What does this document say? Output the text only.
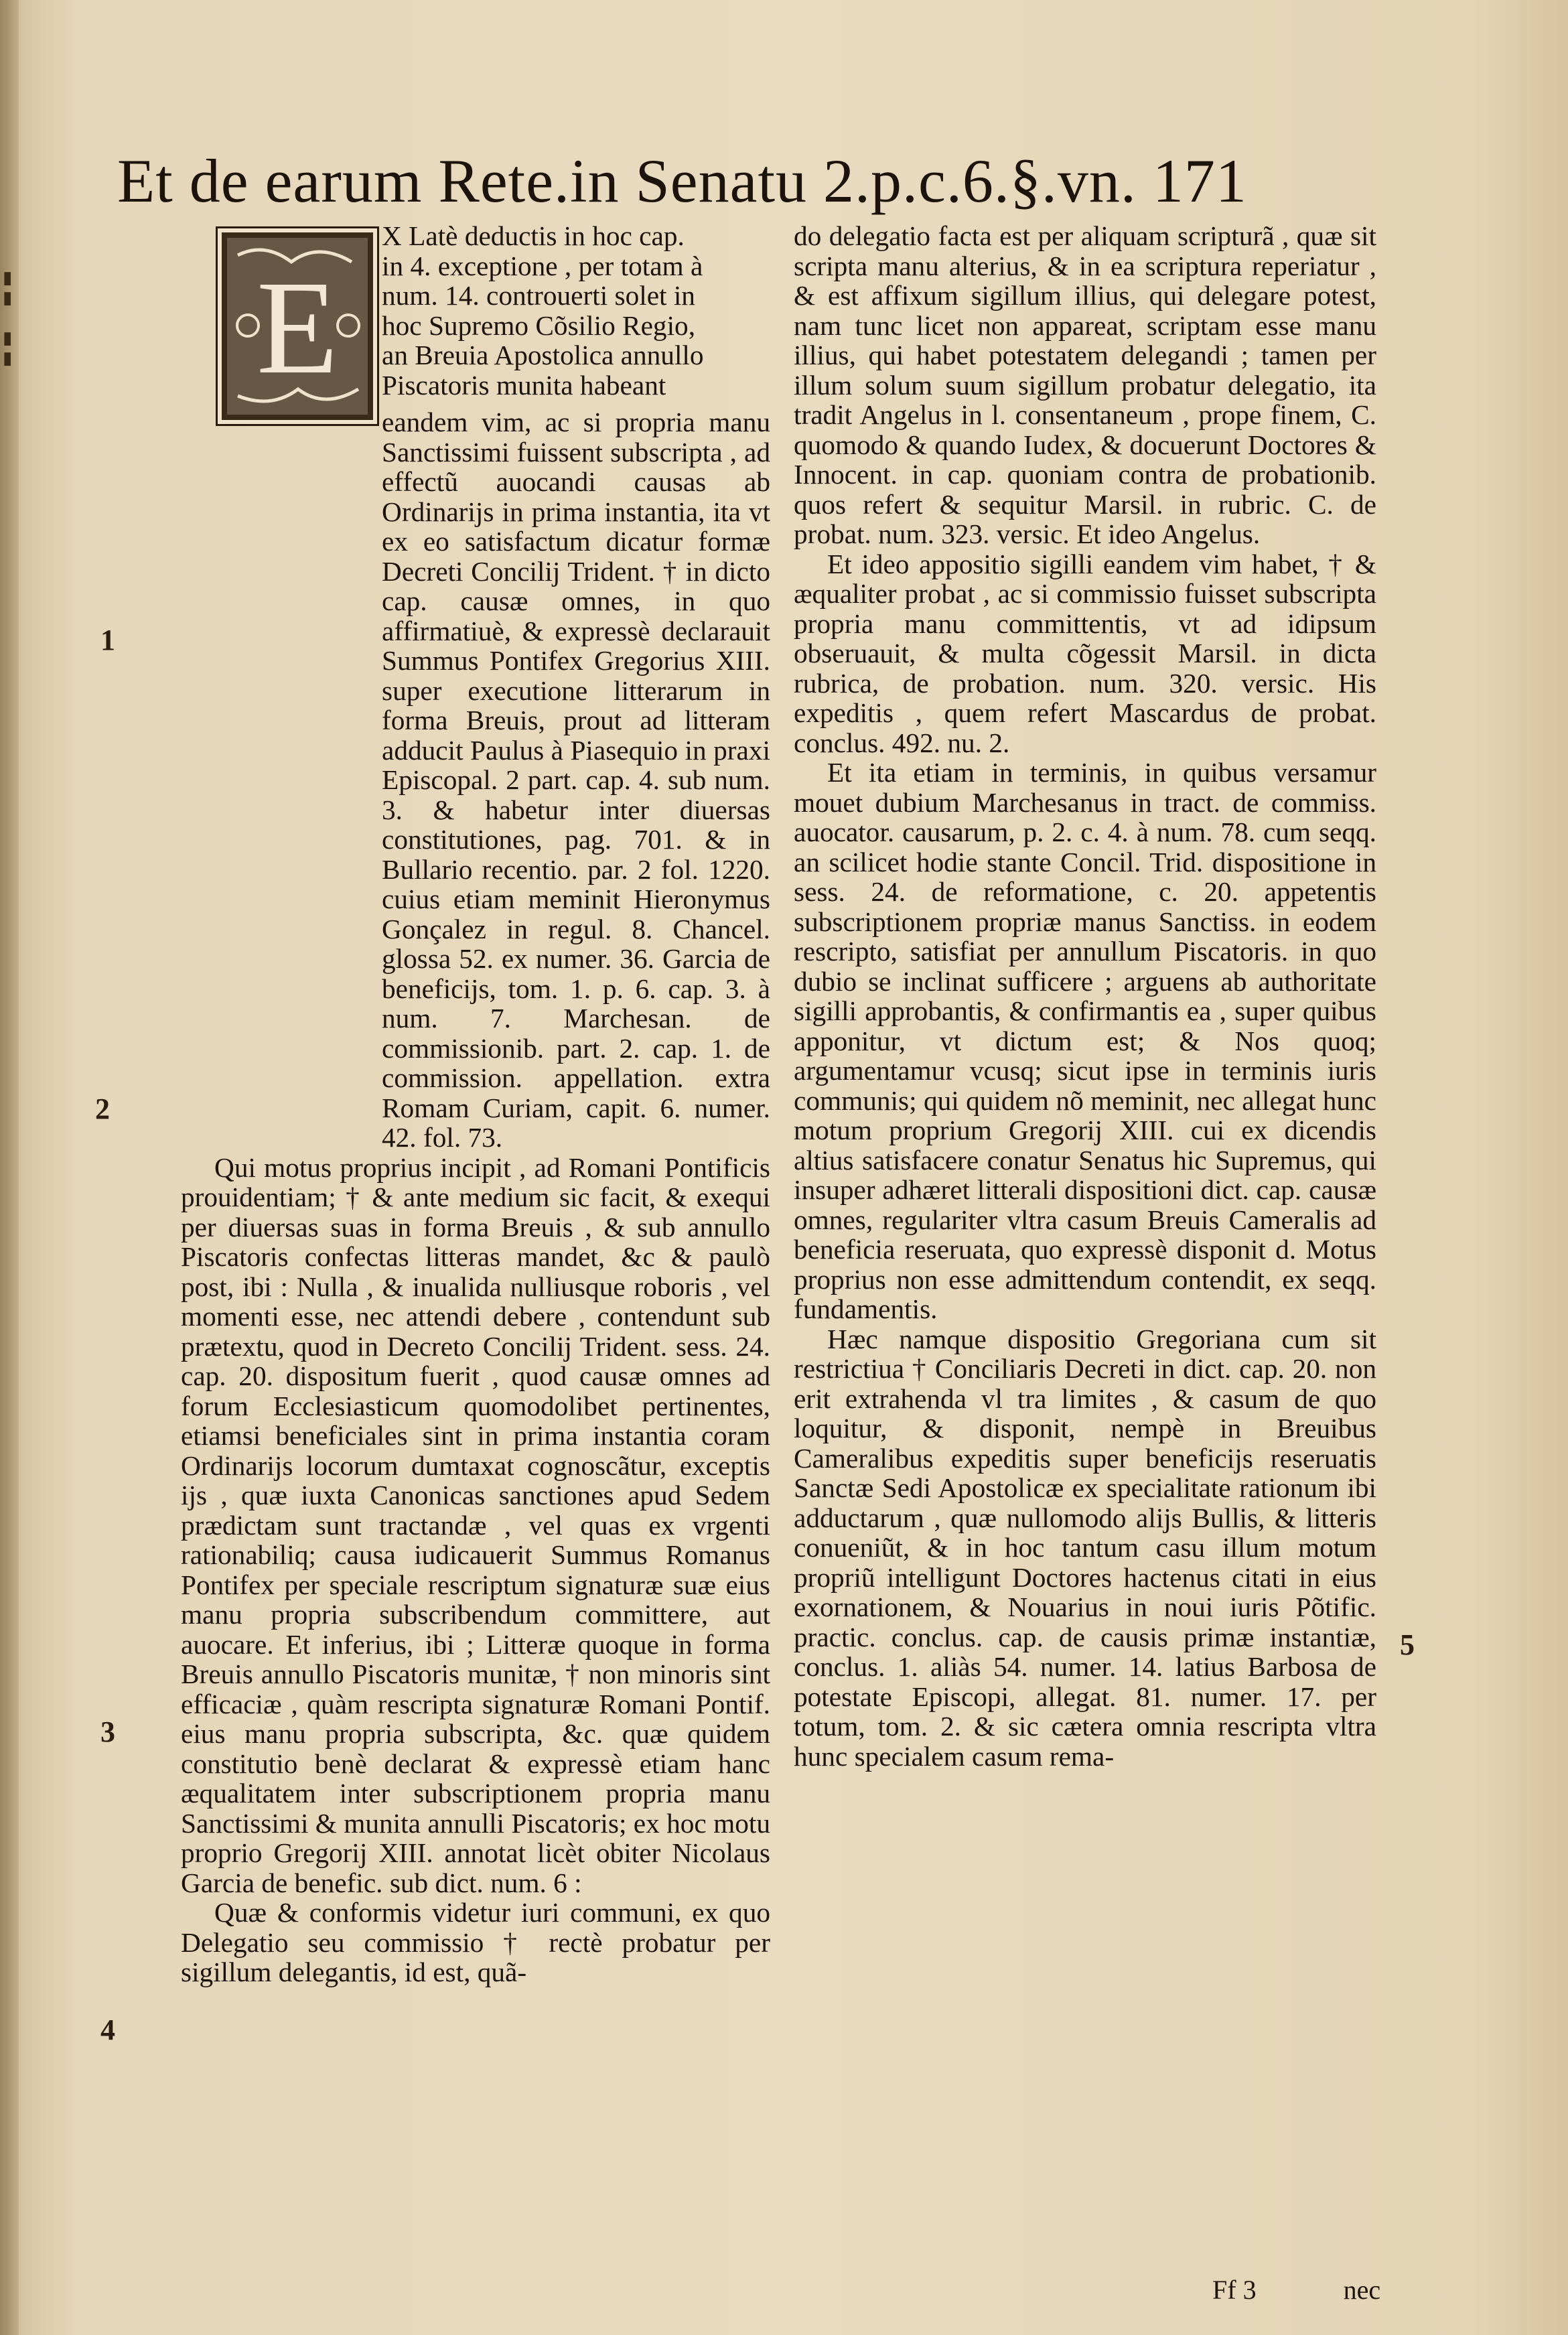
▮
▮

▮
▮
Et de earum Rete.in Senatu 2.p.c.6.§.vn. 171
1
2
3
4
5
E

X Latè deductis in hoc cap.

in 4. exceptione , per totam à

num. 14. controuerti solet in

hoc Supremo Cõsilio Regio,

an Breuia Apostolica annullo

Piscatoris munita habeant

eandem vim, ac si propria manu Sanctissimi fuissent subscripta , ad effectũ auocandi causas ab Ordinarijs in prima instantia, ita vt ex eo satisfactum dicatur formæ Decreti Concilij Trident. † in dicto cap. causæ omnes, in quo affirmatiuè, & expressè declarauit Summus Pontifex Gregorius XIII. super executione litterarum in forma Breuis, prout ad litteram adducit Paulus à Piasequio in praxi Episcopal. 2 part. cap. 4. sub num. 3. & habetur inter diuersas constitutiones, pag. 701. & in Bullario recentio. par. 2 fol. 1220. cuius etiam meminit Hieronymus Gonçalez in regul. 8. Chancel. glossa 52. ex numer. 36. Garcia de beneficijs, tom. 1. p. 6. cap. 3. à num. 7. Marchesan. de commissionib. part. 2. cap. 1. de commission. appellation. extra Romam Curiam, capit. 6. numer. 42. fol. 73.

Qui motus proprius incipit , ad Romani Pontificis prouidentiam; † & ante medium sic facit, & exequi per diuersas suas in forma Breuis , & sub annullo Piscatoris confectas litteras mandet, &c & paulò post, ibi : Nulla , & inualida nulliusque roboris , vel momenti esse, nec attendi debere , contendunt sub prætextu, quod in Decreto Concilij Trident. sess. 24. cap. 20. dispositum fuerit , quod causæ omnes ad forum Ecclesiasticum quomodolibet pertinentes, etiamsi beneficiales sint in prima instantia coram Ordinarijs locorum dumtaxat cognoscãtur, exceptis ijs , quæ iuxta Canonicas sanctiones apud Sedem prædictam sunt tractandæ , vel quas ex vrgenti rationabiliq; causa iudicauerit Summus Romanus Pontifex per speciale rescriptum signaturæ suæ eius manu propria subscribendum committere, aut auocare. Et inferius, ibi ; Litteræ quoque in forma Breuis annullo Piscatoris munitæ, † non minoris sint efficaciæ , quàm rescripta signaturæ Romani Pontif. eius manu propria subscripta, &c. quæ quidem constitutio benè declarat & expressè etiam hanc æqualitatem inter subscriptionem propria manu Sanctissimi & munita annulli Piscatoris; ex hoc motu proprio Gregorij XIII. annotat licèt obiter Nicolaus Garcia de benefic. sub dict. num. 6 :

Quæ & conformis videtur iuri communi, ex quo Delegatio seu commissio † rectè probatur per sigillum delegantis, id est, quã-

do delegatio facta est per aliquam scripturã , quæ sit scripta manu alterius, & in ea scriptura reperiatur , & est affixum sigillum illius, qui delegare potest, nam tunc licet non appareat, scriptam esse manu illius, qui habet potestatem delegandi ; tamen per illum solum suum sigillum probatur delegatio, ita tradit Angelus in l. consentaneum , prope finem, C. quomodo & quando Iudex, & docuerunt Doctores & Innocent. in cap. quoniam contra de probationib. quos refert & sequitur Marsil. in rubric. C. de probat. num. 323. versic. Et ideo Angelus.

Et ideo appositio sigilli eandem vim habet, † & æqualiter probat , ac si commissio fuisset subscripta propria manu committentis, vt ad idipsum obseruauit, & multa cõgessit Marsil. in dicta rubrica, de probation. num. 320. versic. His expeditis , quem refert Mascardus de probat. conclus. 492. nu. 2.

Et ita etiam in terminis, in quibus versamur mouet dubium Marchesanus in tract. de commiss. auocator. causarum, p. 2. c. 4. à num. 78. cum seqq. an scilicet hodie stante Concil. Trid. dispositione in sess. 24. de reformatione, c. 20. appetentis subscriptionem propriæ manus Sanctiss. in eodem rescripto, satisfiat per annullum Piscatoris. in quo dubio se inclinat sufficere ; arguens ab authoritate sigilli approbantis, & confirmantis ea , super quibus apponitur, vt dictum est; & Nos quoq; argumentamur vcusq; sicut ipse in terminis iuris communis; qui quidem nõ meminit, nec allegat hunc motum proprium Gregorij XIII. cui ex dicendis altius satisfacere conatur Senatus hic Supremus, qui insuper adhæret litterali dispositioni dict. cap. causæ omnes, regulariter vltra casum Breuis Cameralis ad beneficia reseruata, quo expressè disponit d. Motus proprius non esse admittendum contendit, ex seqq. fundamentis.

Hæc namque dispositio Gregoriana cum sit restrictiua † Conciliaris Decreti in dict. cap. 20. non erit extrahenda vl tra limites , & casum de quo loquitur, & disponit, nempè in Breuibus Cameralibus expeditis super beneficijs reseruatis Sanctæ Sedi Apostolicæ ex specialitate rationum ibi adductarum , quæ nullomodo alijs Bullis, & litteris conueniũt, & in hoc tantum casu illum motum propriũ intelligunt Doctores hactenus citati in eius exornationem, & Nouarius in noui iuris Põtific. practic. conclus. cap. de causis primæ instantiæ, conclus. 1. aliàs 54. numer. 14. latius Barbosa de potestate Episcopi, allegat. 81. numer. 17. per totum, tom. 2. & sic cætera omnia rescripta vltra hunc specialem casum rema-

Ff 3	nec
